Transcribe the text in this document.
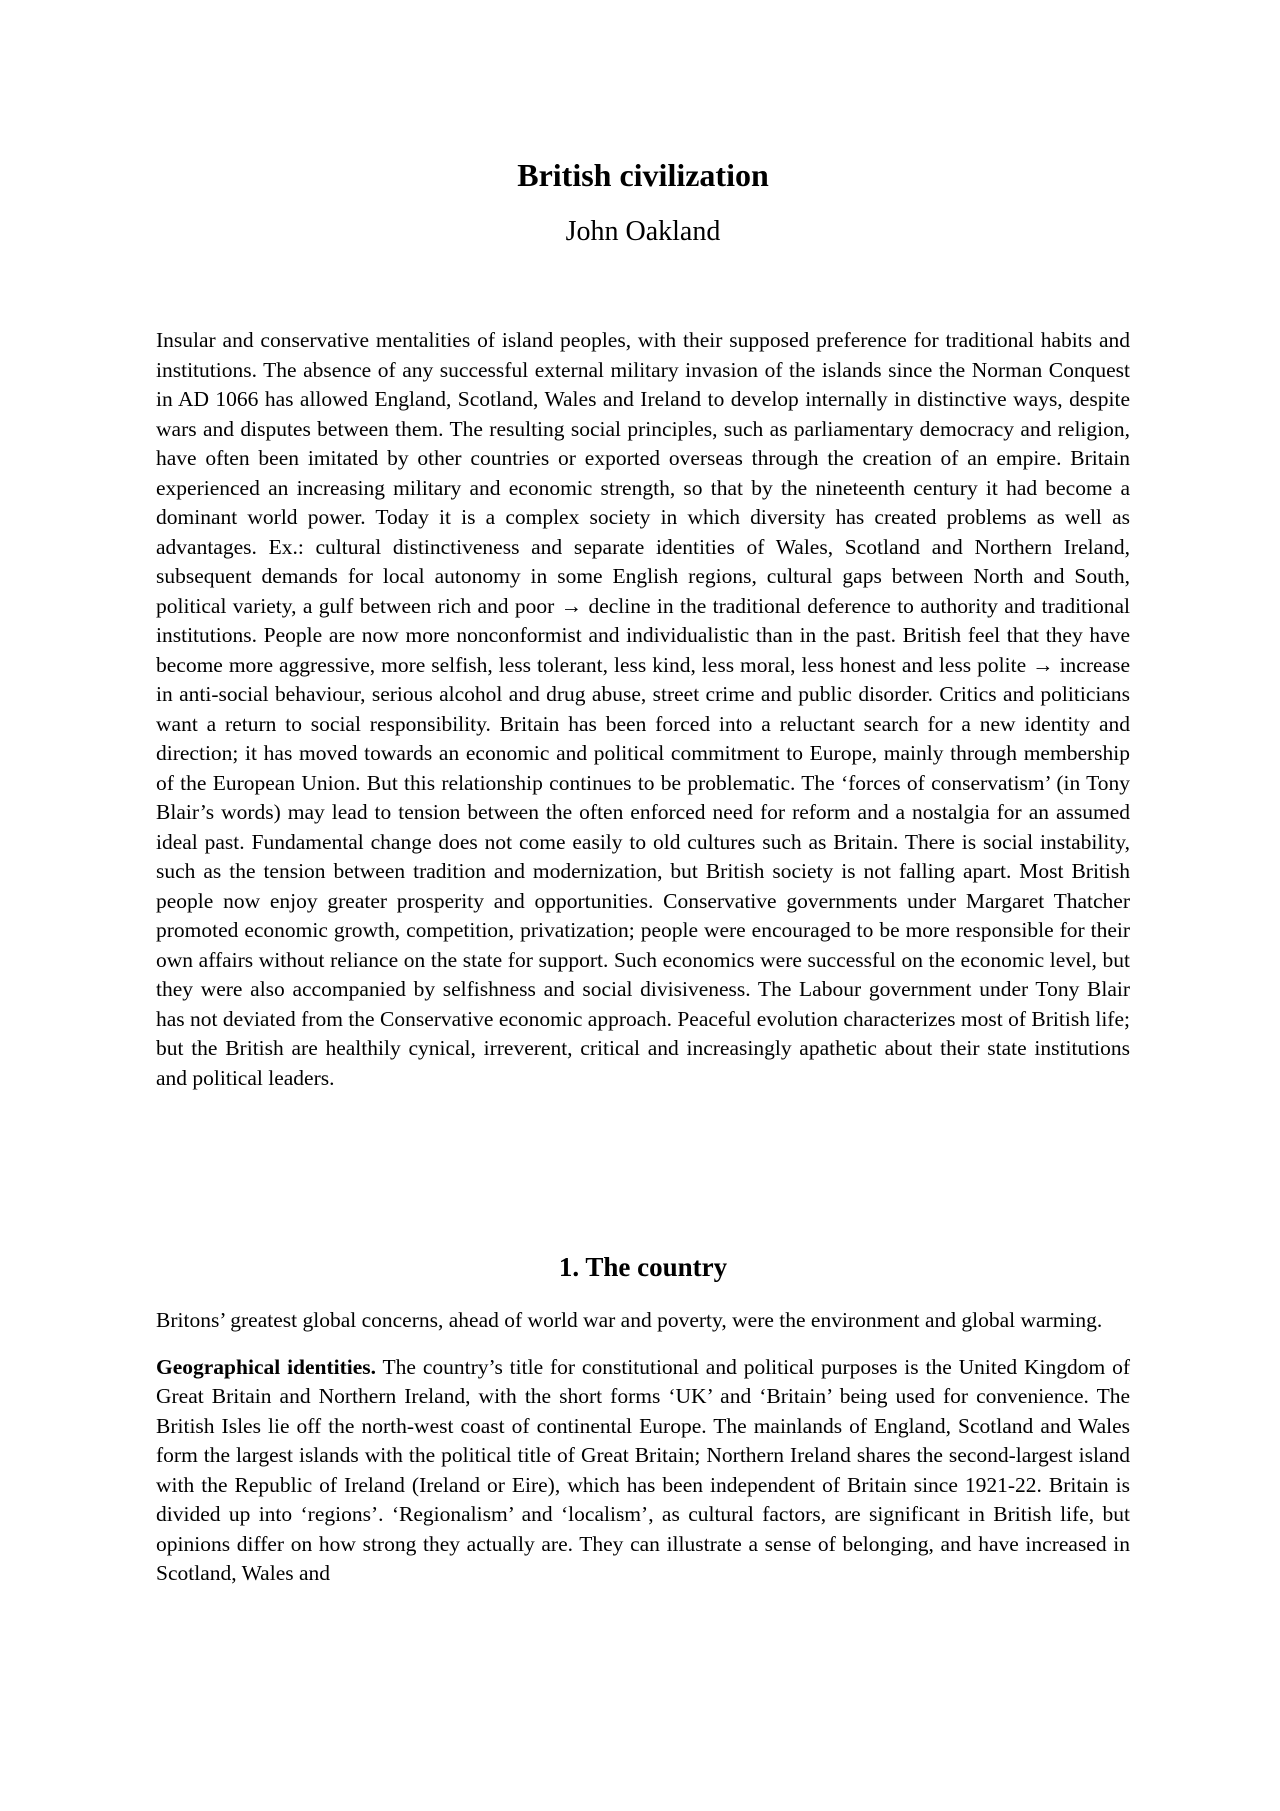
British civilization
John Oakland

Insular and conservative mentalities of island peoples, with their supposed preference for traditional habits and institutions. The absence of any successful external military invasion of the islands since the Norman Conquest in AD 1066 has allowed England, Scotland, Wales and Ireland to develop internally in distinctive ways, despite wars and disputes between them. The resulting social principles, such as parliamentary democracy and religion, have often been imitated by other countries or exported overseas through the creation of an empire. Britain experienced an increasing military and economic strength, so that by the nineteenth century it had become a dominant world power. Today it is a complex society in which diversity has created problems as well as advantages. Ex.: cultural distinctiveness and separate identities of Wales, Scotland and Northern Ireland, subsequent demands for local autonomy in some English regions, cultural gaps between North and South, political variety, a gulf between rich and poor → decline in the traditional deference to authority and traditional institutions. People are now more nonconformist and individualistic than in the past. British feel that they have become more aggressive, more selfish, less tolerant, less kind, less moral, less honest and less polite → increase in anti-social behaviour, serious alcohol and drug abuse, street crime and public disorder. Critics and politicians want a return to social responsibility. Britain has been forced into a reluctant search for a new identity and direction; it has moved towards an economic and political commitment to Europe, mainly through membership of the European Union. But this relationship continues to be problematic. The ‘forces of conservatism’ (in Tony Blair’s words) may lead to tension between the often enforced need for reform and a nostalgia for an assumed ideal past. Fundamental change does not come easily to old cultures such as Britain. There is social instability, such as the tension between tradition and modernization, but British society is not falling apart. Most British people now enjoy greater prosperity and opportunities. Conservative governments under Margaret Thatcher promoted economic growth, competition, privatization; people were encouraged to be more responsible for their own affairs without reliance on the state for support. Such economics were successful on the economic level, but they were also accompanied by selfishness and social divisiveness. The Labour government under Tony Blair has not deviated from the Conservative economic approach. Peaceful evolution characterizes most of British life; but the British are healthily cynical, irreverent, critical and increasingly apathetic about their state institutions and political leaders.

1. The country

Britons’ greatest global concerns, ahead of world war and poverty, were the environment and global warming.

Geographical identities. The country’s title for constitutional and political purposes is the United Kingdom of Great Britain and Northern Ireland, with the short forms ‘UK’ and ‘Britain’ being used for convenience. The British Isles lie off the north-west coast of continental Europe. The mainlands of England, Scotland and Wales form the largest islands with the political title of Great Britain; Northern Ireland shares the second-largest island with the Republic of Ireland (Ireland or Eire), which has been independent of Britain since 1921-22. Britain is divided up into ‘regions’. ‘Regionalism’ and ‘localism’, as cultural factors, are significant in British life, but opinions differ on how strong they actually are. They can illustrate a sense of belonging, and have increased in Scotland, Wales and
